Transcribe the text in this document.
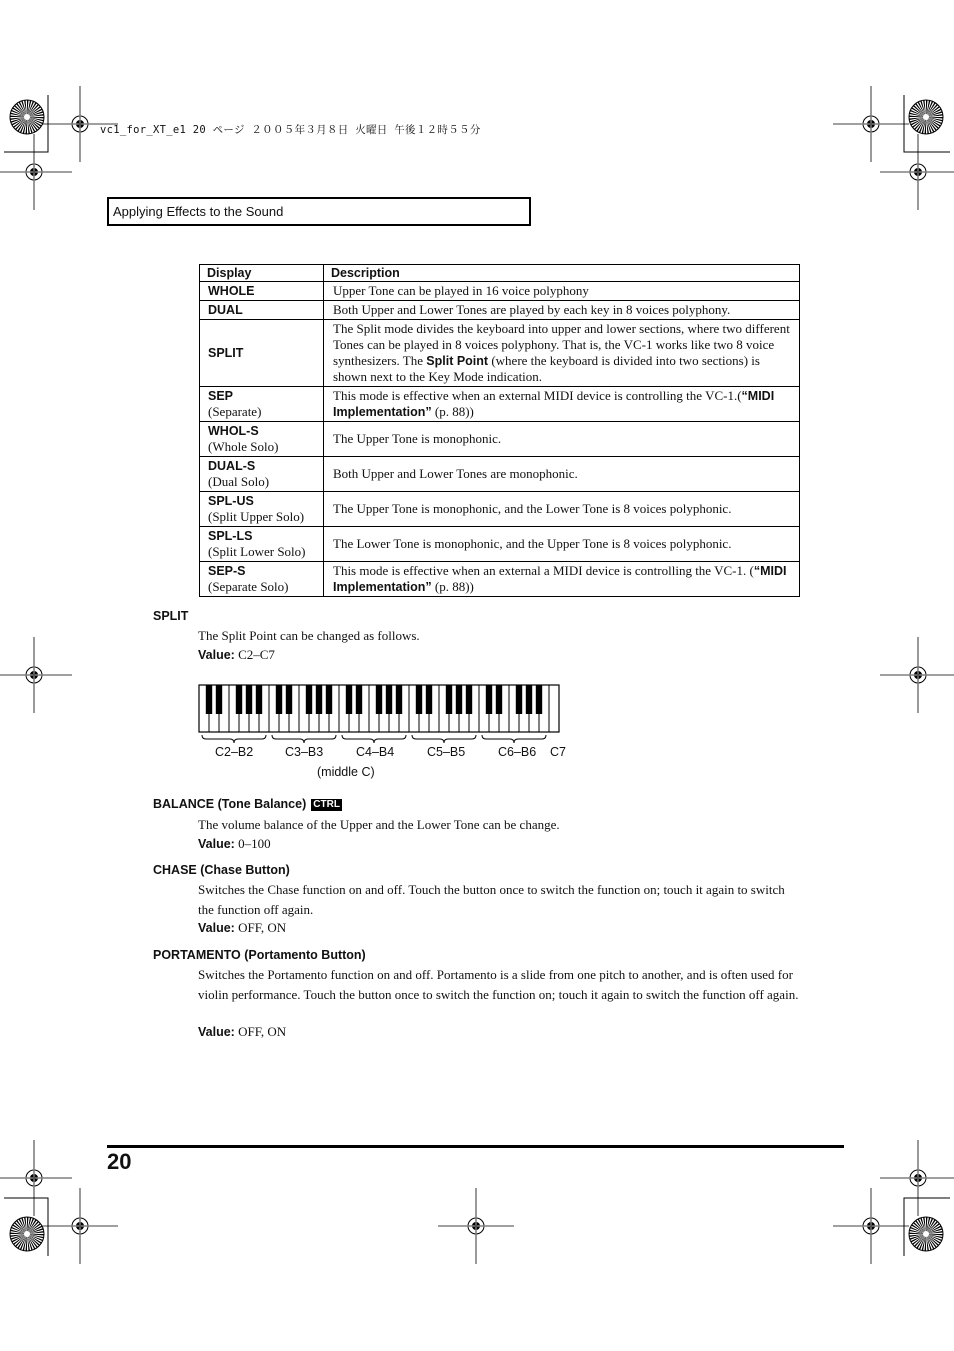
vc1_for_XT_e1 20 ページ ２００５年３月８日 火曜日 午後１２時５５分
Applying Effects to the Sound
Display	Description

WHOLE	Upper Tone can be played in 16 voice polyphony

DUAL	Both Upper and Lower Tones are played by each key in 8 voices polyphony.

SPLIT	The Split mode divides the keyboard into upper and lower sections, where two different Tones can be played in 8 voices polyphony. That is, the VC-1 works like two 8 voice synthesizers. The Split Point (where the keyboard is divided into two sections) is shown next to the Key Mode indication.

SEP
(Separate)	This mode is effective when an external MIDI device is controlling the VC-1.(“MIDI Implementation” (p. 88))

WHOL-S
(Whole Solo)	The Upper Tone is monophonic.

DUAL-S
(Dual Solo)	Both Upper and Lower Tones are monophonic.

SPL-US
(Split Upper Solo)	The Upper Tone is monophonic, and the Lower Tone is 8 voices polyphonic.

SPL-LS
(Split Lower Solo)	The Lower Tone is monophonic, and the Upper Tone is 8 voices polyphonic.

SEP-S
(Separate Solo)	This mode is effective when an external a MIDI device is controlling the VC-1. (“MIDI Implementation” (p. 88))
SPLIT
The Split Point can be changed as follows.
Value: C2–C7
C2–B2	C3–B3	C4–B4	C5–B5	C6–B6 C7
(middle C)
BALANCE (Tone Balance) CTRL
The volume balance of the Upper and the Lower Tone can be change.
Value: 0–100
CHASE (Chase Button)
Switches the Chase function on and off. Touch the button once to switch the function on; touch it again to switch the function off again.
Value: OFF, ON
PORTAMENTO (Portamento Button)
Switches the Portamento function on and off. Portamento is a slide from one pitch to another, and is often used for violin performance. Touch the button once to switch the function on; touch it again to switch the function off again.
Value: OFF, ON
20
